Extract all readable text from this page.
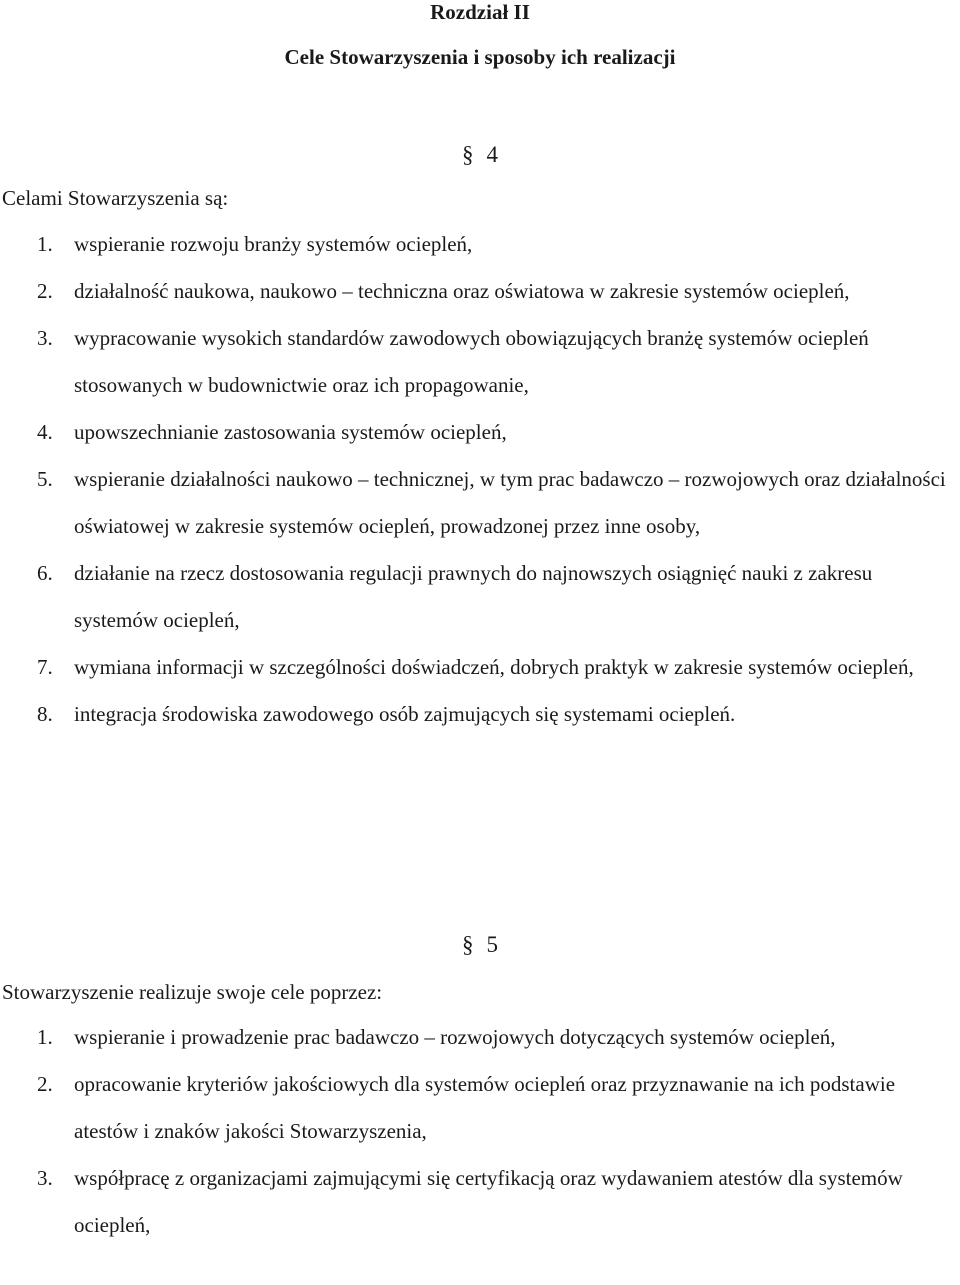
Rozdział II
Cele Stowarzyszenia i sposoby ich realizacji
§ 4
Celami Stowarzyszenia są:
1. wspieranie rozwoju branży systemów ociepleń,
2. działalność naukowa, naukowo – techniczna oraz oświatowa w zakresie systemów ociepleń,
3. wypracowanie wysokich standardów zawodowych obowiązujących branżę systemów ociepleń stosowanych w budownictwie oraz ich propagowanie,
4. upowszechnianie zastosowania systemów ociepleń,
5. wspieranie działalności naukowo – technicznej, w tym prac badawczo – rozwojowych oraz działalności oświatowej w zakresie systemów ociepleń, prowadzonej przez inne osoby,
6. działanie na rzecz dostosowania regulacji prawnych do najnowszych osiągnięć nauki z zakresu systemów ociepleń,
7. wymiana informacji w szczególności doświadczeń, dobrych praktyk w zakresie systemów ociepleń,
8. integracja środowiska zawodowego osób zajmujących się systemami ociepleń.
§ 5
Stowarzyszenie realizuje swoje cele poprzez:
1. wspieranie i prowadzenie prac badawczo – rozwojowych dotyczących systemów ociepleń,
2. opracowanie kryteriów jakościowych dla systemów ociepleń oraz przyznawanie na ich podstawie atestów i znaków jakości Stowarzyszenia,
3. współpracę z organizacjami zajmującymi się certyfikacją oraz wydawaniem atestów dla systemów ociepleń,
